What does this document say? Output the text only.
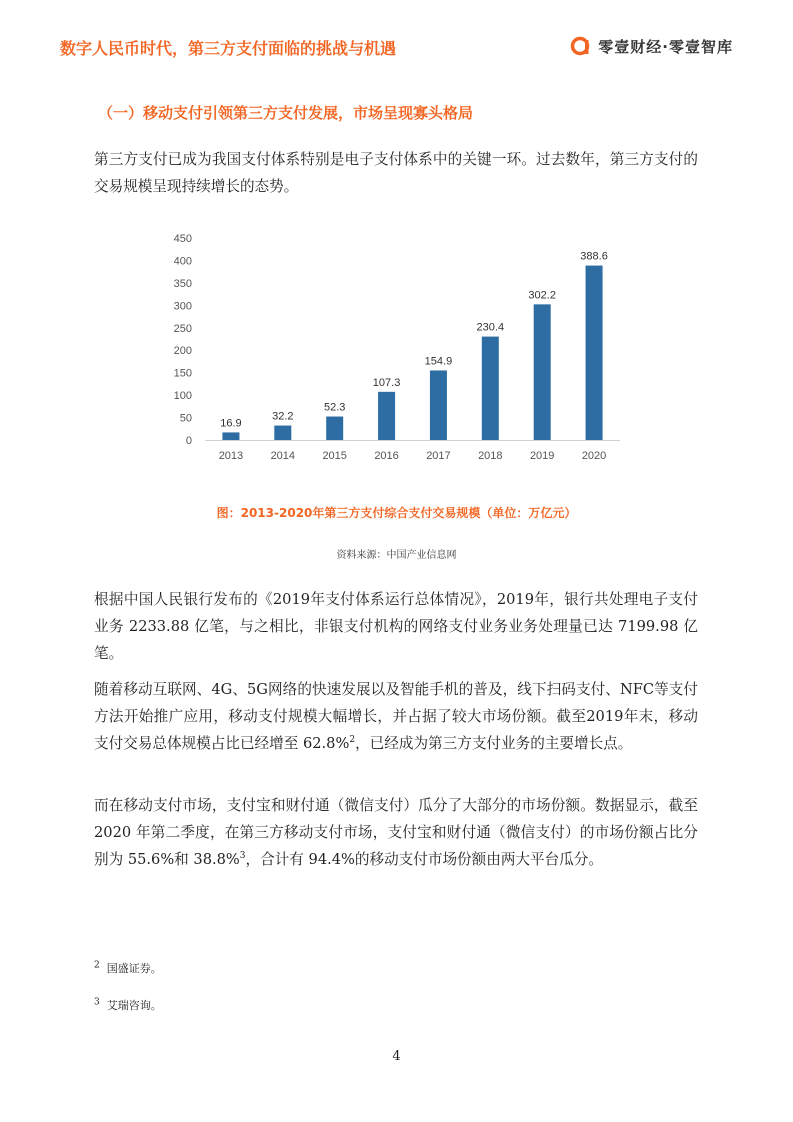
数字人民币时代，第三方支付面临的挑战与机遇	零壹财经·零壹智库
（一）移动支付引领第三方支付发展，市场呈现寡头格局

第三方支付已成为我国支付体系特别是电子支付体系中的关键一环。过去数年，第三方支付的交易规模呈现持续增长的态势。

0
50
100
150
200
250
300
350
400
450
16.9
32.2
52.3
107.3
154.9
230.4
302.2
388.6
2013 2014 2015 2016 2017 2018 2019 2020
图：2013-2020年第三方支付综合支付交易规模（单位：万亿元）
资料来源：中国产业信息网

根据中国人民银行发布的《2019年支付体系运行总体情况》，2019年，银行共处理电子支付业务 2233.88 亿笔，与之相比，非银支付机构的网络支付业务业务处理量已达 7199.98 亿笔。

随着移动互联网、4G、5G网络的快速发展以及智能手机的普及，线下扫码支付、NFC等支付方法开始推广应用，移动支付规模大幅增长，并占据了较大市场份额。截至2019年末，移动支付交易总体规模占比已经增至 62.8%$^2$，已经成为第三方支付业务的主要增长点。

而在移动支付市场，支付宝和财付通（微信支付）瓜分了大部分的市场份额。数据显示，截至 2020 年第二季度，在第三方移动支付市场，支付宝和财付通（微信支付）的市场份额占比分别为 55.6%和 38.8%$^3$，合计有 94.4%的移动支付市场份额由两大平台瓜分。

$^2$ 国盛证券。
$^3$ 艾瑞咨询。
4
